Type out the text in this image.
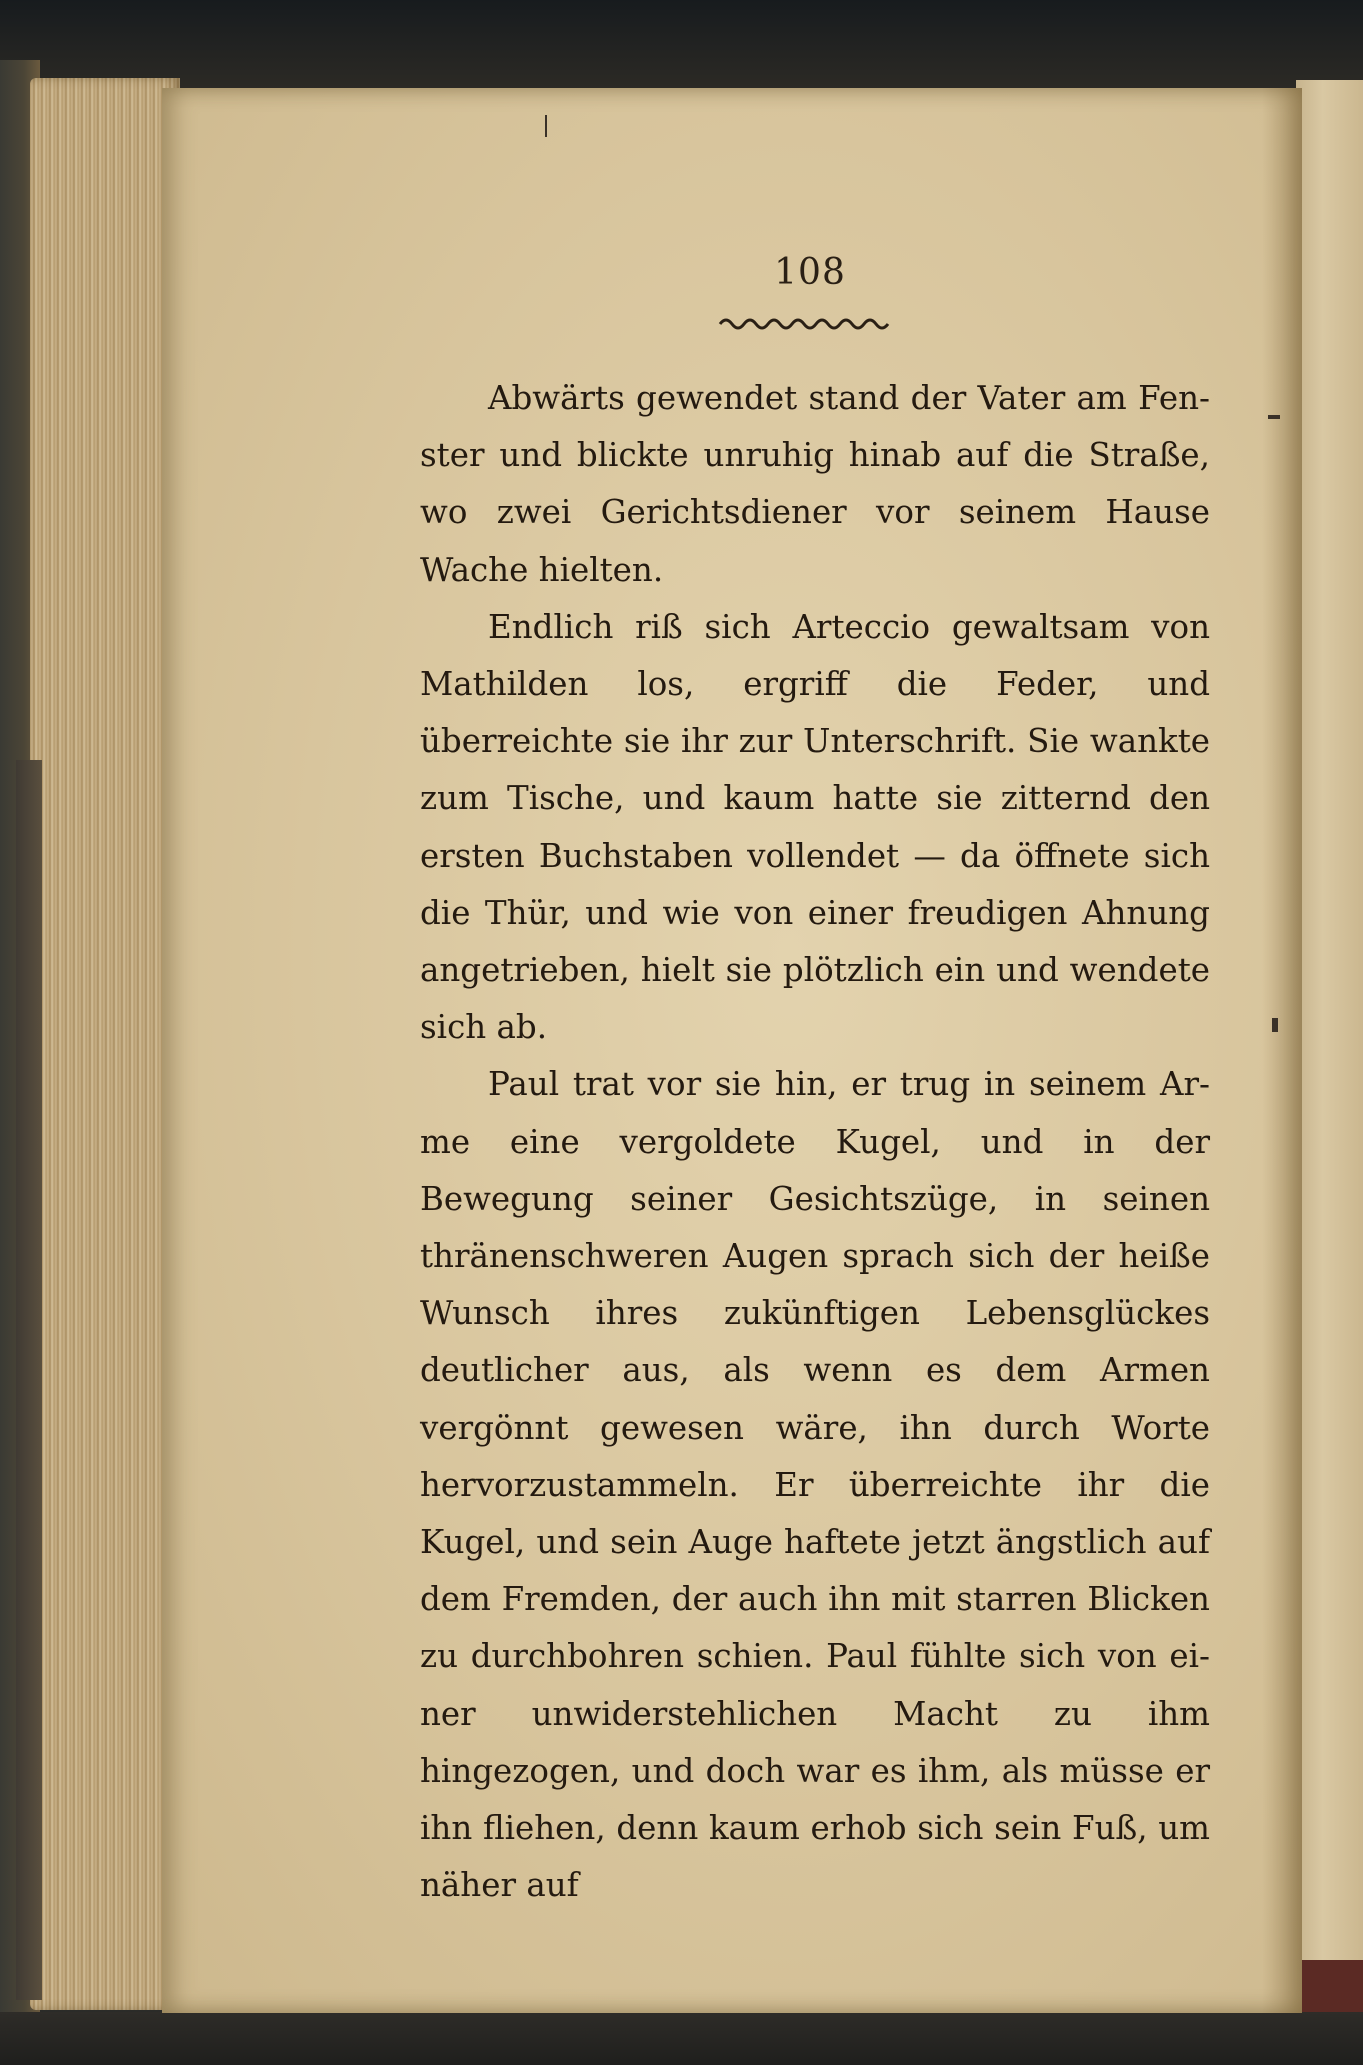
108

Abwärts gewendet stand der Vater am Fenster und blickte unruhig hinab auf die Straße, wo zwei Gerichtsdiener vor seinem Hause Wache hielten.

Endlich riß sich Arteccio gewaltsam von Mathilden los, ergriff die Feder, und überreichte sie ihr zur Unterschrift. Sie wankte zum Tische, und kaum hatte sie zitternd den ersten Buchstaben vollendet — da öffnete sich die Thür, und wie von einer freudigen Ahnung angetrieben, hielt sie plötzlich ein und wendete sich ab.

Paul trat vor sie hin, er trug in seinem Arme eine vergoldete Kugel, und in der Bewegung seiner Gesichtszüge, in seinen thränenschweren Augen sprach sich der heiße Wunsch ihres zukünftigen Lebensglückes deutlicher aus, als wenn es dem Armen vergönnt gewesen wäre, ihn durch Worte hervorzustammeln. Er überreichte ihr die Kugel, und sein Auge haftete jetzt ängstlich auf dem Fremden, der auch ihn mit starren Blicken zu durchbohren schien. Paul fühlte sich von einer unwiderstehlichen Macht zu ihm hingezogen, und doch war es ihm, als müsse er ihn fliehen, denn kaum erhob sich sein Fuß, um näher auf
